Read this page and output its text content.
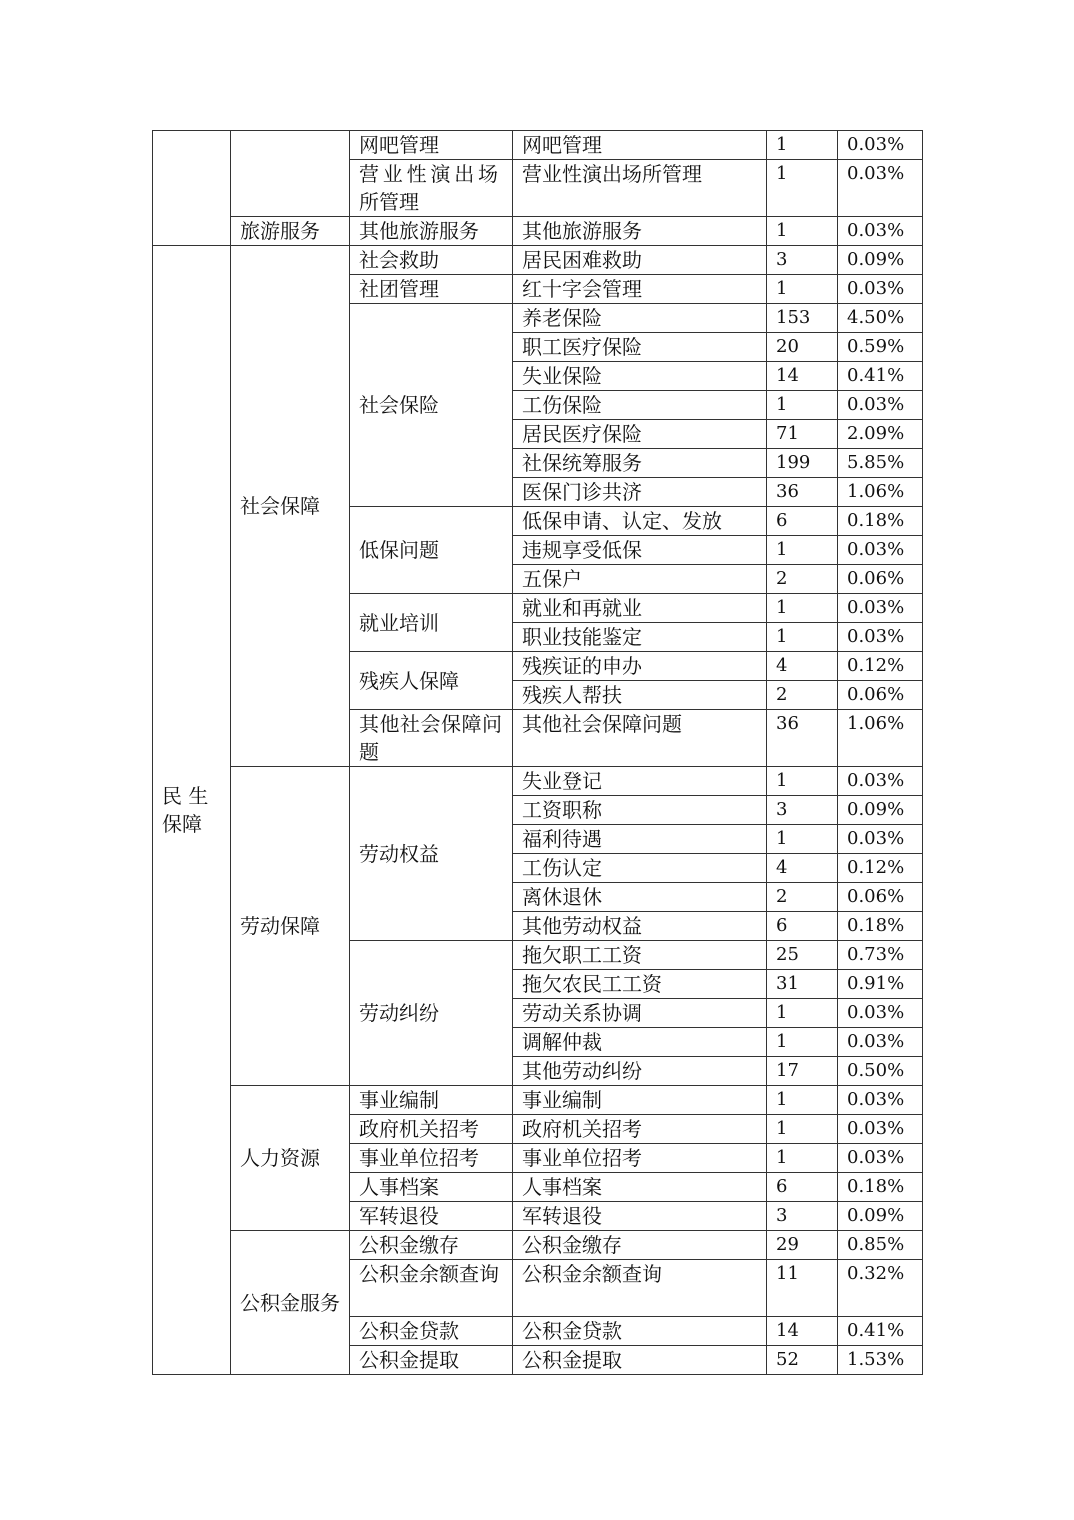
		网吧管理	网吧管理	1	0.03%

		营业性演出场所管理	营业性演出场所管理	1	0.03%
	旅游服务	其他旅游服务	其他旅游服务	1	0.03%

民 生 保障	社会保障	社会救助	居民困难救助	3	0.09%
		社团管理	红十字会管理	1	0.03%
		社会保险	养老保险	153	4.50%
			职工医疗保险	20	0.59%
			失业保险	14	0.41%
			工伤保险	1	0.03%
			居民医疗保险	71	2.09%
			社保统筹服务	199	5.85%
			医保门诊共济	36	1.06%
		低保问题	低保申请、认定、发放	6	0.18%
			违规享受低保	1	0.03%
			五保户	2	0.06%
		就业培训	就业和再就业	1	0.03%
			职业技能鉴定	1	0.03%
		残疾人保障	残疾证的申办	4	0.12%
			残疾人帮扶	2	0.06%

		其他社会保障问题	其他社会保障问题	36	1.06%
	劳动保障	劳动权益	失业登记	1	0.03%
			工资职称	3	0.09%
			福利待遇	1	0.03%
			工伤认定	4	0.12%
			离休退休	2	0.06%
			其他劳动权益	6	0.18%
		劳动纠纷	拖欠职工工资	25	0.73%
			拖欠农民工工资	31	0.91%
			劳动关系协调	1	0.03%
			调解仲裁	1	0.03%
			其他劳动纠纷	17	0.50%
	人力资源	事业编制	事业编制	1	0.03%
		政府机关招考	政府机关招考	1	0.03%
		事业单位招考	事业单位招考	1	0.03%
		人事档案	人事档案	6	0.18%
		军转退役	军转退役	3	0.09%

	公积金服务	公积金缴存	公积金缴存	29	0.85%

		公积金余额查询	公积金余额查询	11	0.32%
		公积金贷款	公积金贷款	14	0.41%
		公积金提取	公积金提取	52	1.53%
